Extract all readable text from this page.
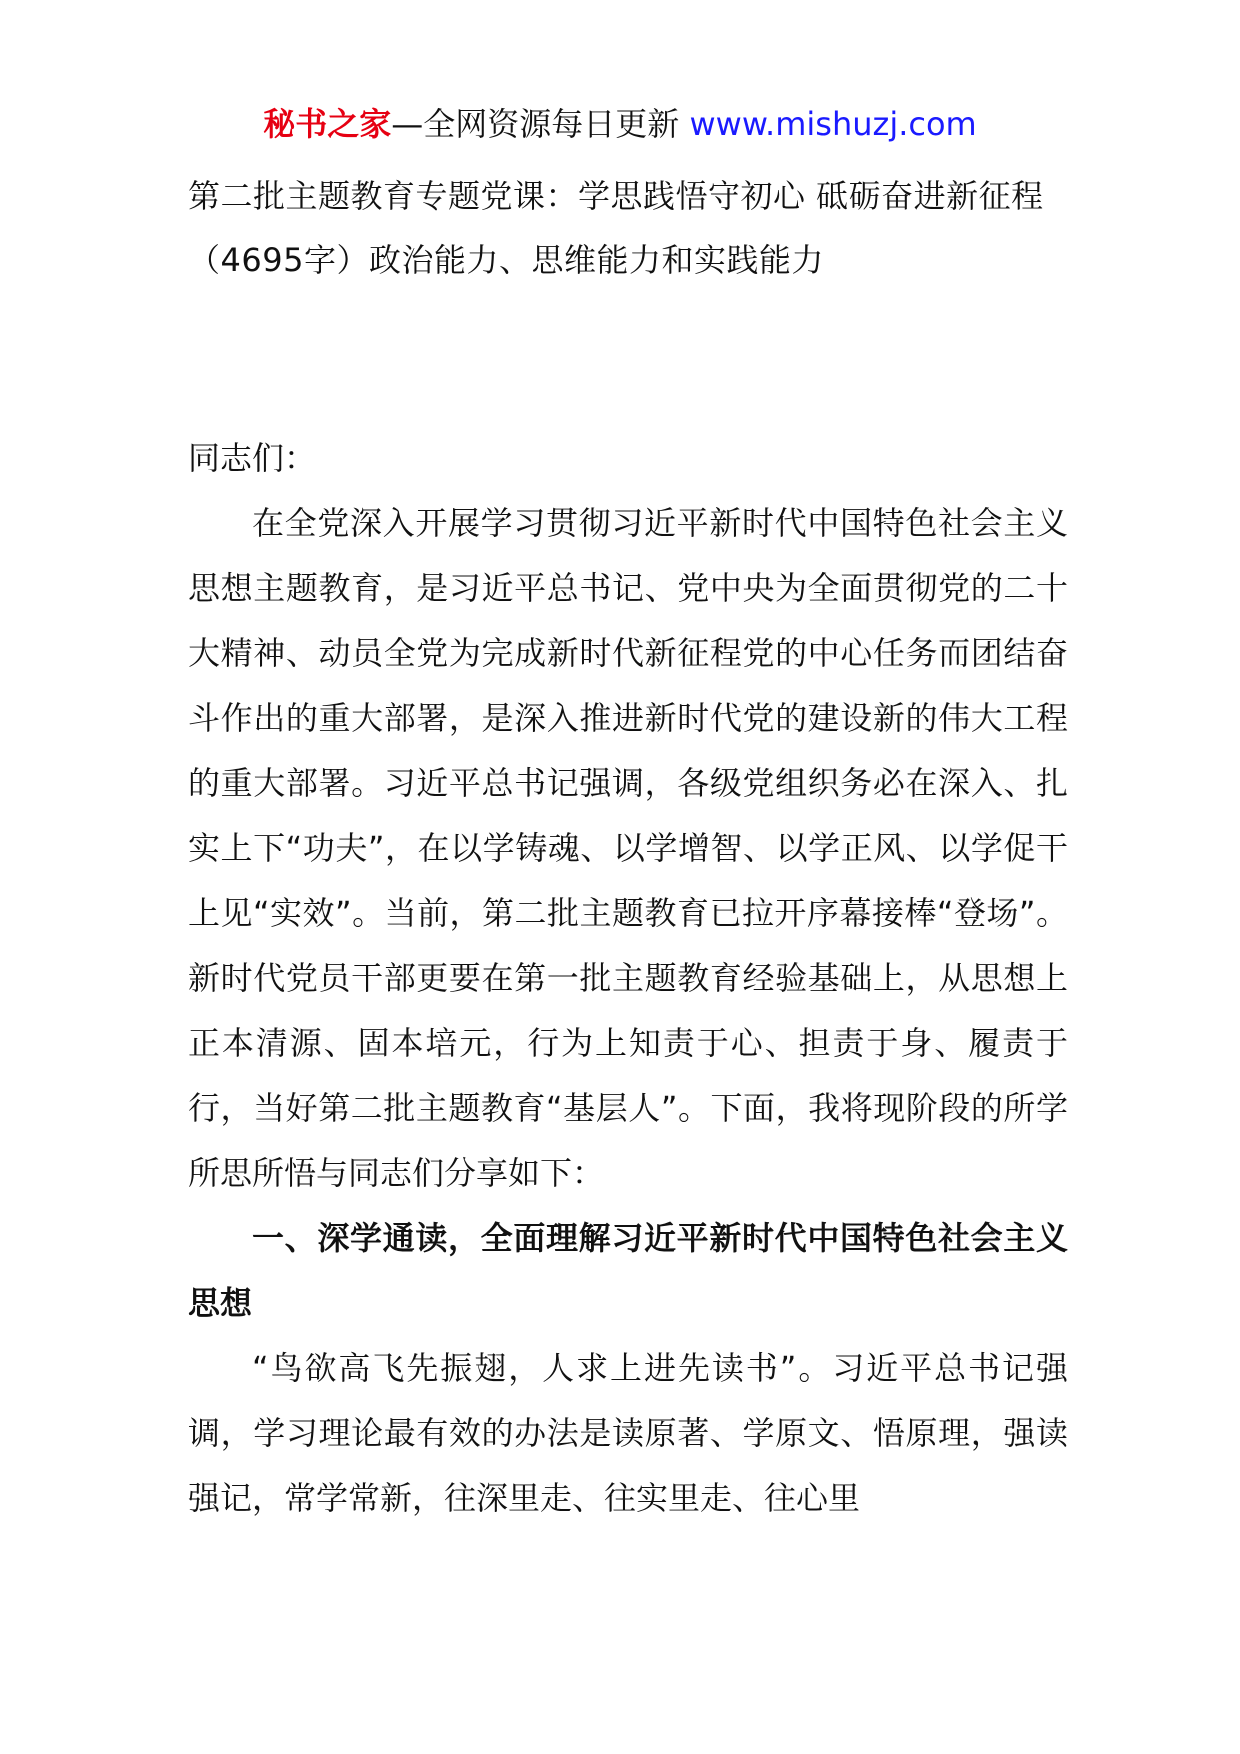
秘书之家—全网资源每日更新 www.mishuzj.com
第二批主题教育专题党课：学思践悟守初心 砥砺奋进新征程（4695字）政治能力、思维能力和实践能力

同志们：

在全党深入开展学习贯彻习近平新时代中国特色社会主义思想主题教育，是习近平总书记、党中央为全面贯彻党的二十大精神、动员全党为完成新时代新征程党的中心任务而团结奋斗作出的重大部署，是深入推进新时代党的建设新的伟大工程的重大部署。习近平总书记强调，各级党组织务必在深入、扎实上下“功夫”，在以学铸魂、以学增智、以学正风、以学促干上见“实效”。当前，第二批主题教育已拉开序幕接棒“登场”。新时代党员干部更要在第一批主题教育经验基础上，从思想上正本清源、固本培元，行为上知责于心、担责于身、履责于行，当好第二批主题教育“基层人”。下面，我将现阶段的所学所思所悟与同志们分享如下：

一、深学通读，全面理解习近平新时代中国特色社会主义思想

“鸟欲高飞先振翅，人求上进先读书”。习近平总书记强调，学习理论最有效的办法是读原著、学原文、悟原理，强读强记，常学常新，往深里走、往实里走、往心里
